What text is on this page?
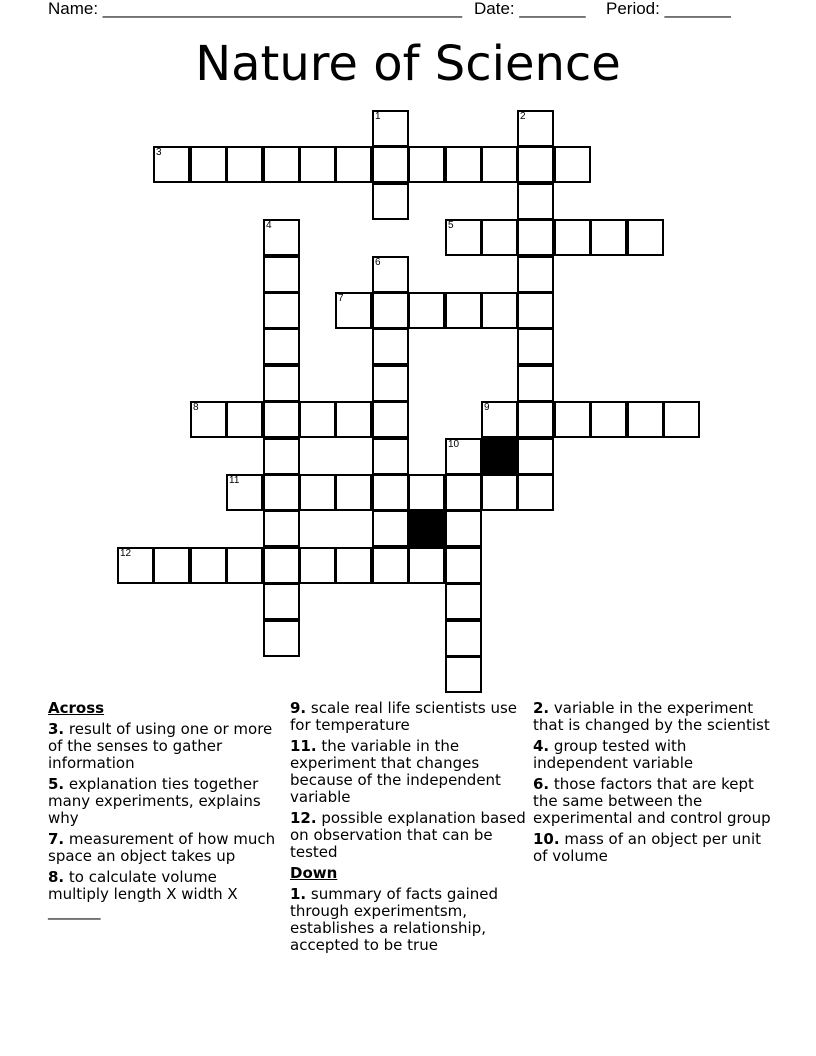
Name: ______________________________________ Date: _______ Period: _______
Nature of Science
3
5
7
8	9
11
12
1	2
4
6
10
Across
3. result of using one or more of the senses to gather information
5. explanation ties together many experiments, explains why
7. measurement of how much space an object takes up
8. to calculate volume multiply length X width X _______
9. scale real life scientists use for temperature
11. the variable in the experiment that changes because of the independent variable
12. possible explanation based on observation that can be tested
Down
1. summary of facts gained through experimentsm, establishes a relationship, accepted to be true
2. variable in the experiment that is changed by the scientist
4. group tested with independent variable
6. those factors that are kept the same between the experimental and control group
10. mass of an object per unit of volume
